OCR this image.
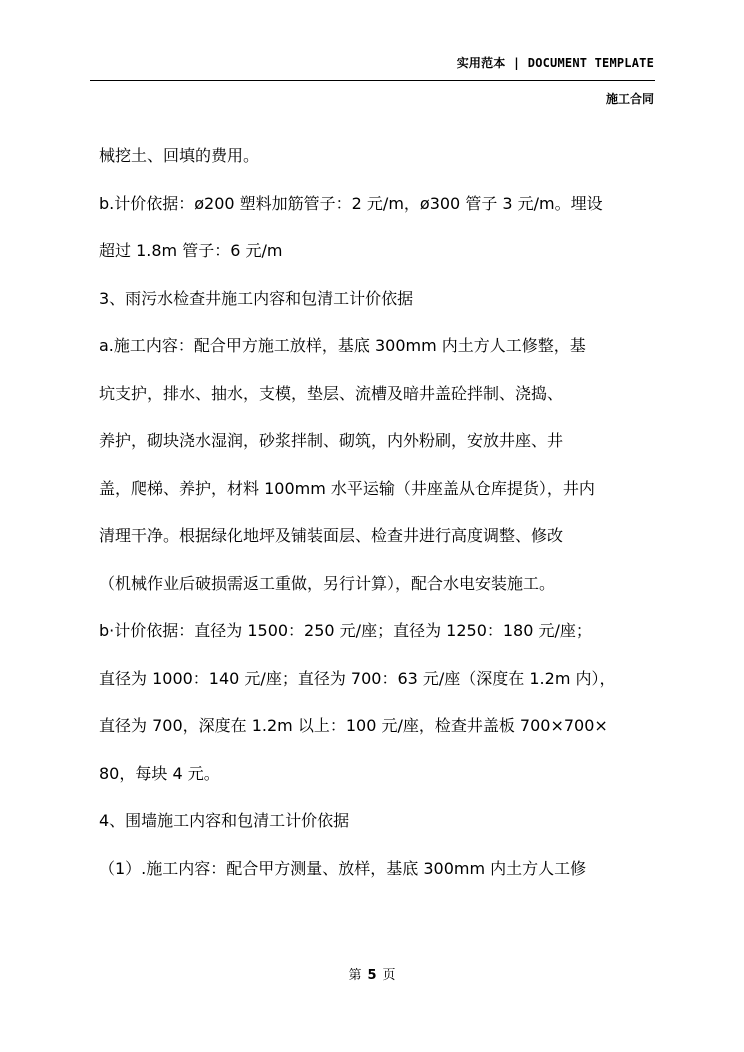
实用范本 | DOCUMENT TEMPLATE
施工合同
械挖土、回填的费用。
b.计价依据：ø200 塑料加筋管子：2 元/m，ø300 管子 3 元/m。埋设
超过 1.8m 管子：6 元/m
3、雨污水检查井施工内容和包清工计价依据
a.施工内容：配合甲方施工放样，基底 300mm 内土方人工修整，基
坑支护，排水、抽水，支模，垫层、流槽及暗井盖砼拌制、浇捣、
养护，砌块浇水湿润，砂浆拌制、砌筑，内外粉刷，安放井座、井
盖，爬梯、养护，材料 100mm 水平运输（井座盖从仓库提货），井内
清理干净。根据绿化地坪及铺装面层、检查井进行高度调整、修改
（机械作业后破损需返工重做，另行计算），配合水电安装施工。
b·计价依据：直径为 1500：250 元/座；直径为 1250：180 元/座；
直径为 1000：140 元/座；直径为 700：63 元/座（深度在 1.2m 内），
直径为 700，深度在 1.2m 以上：100 元/座，检查井盖板 700×700×
80，每块 4 元。
4、围墙施工内容和包清工计价依据
（1）.施工内容：配合甲方测量、放样，基底 300mm 内土方人工修
第 5 页
